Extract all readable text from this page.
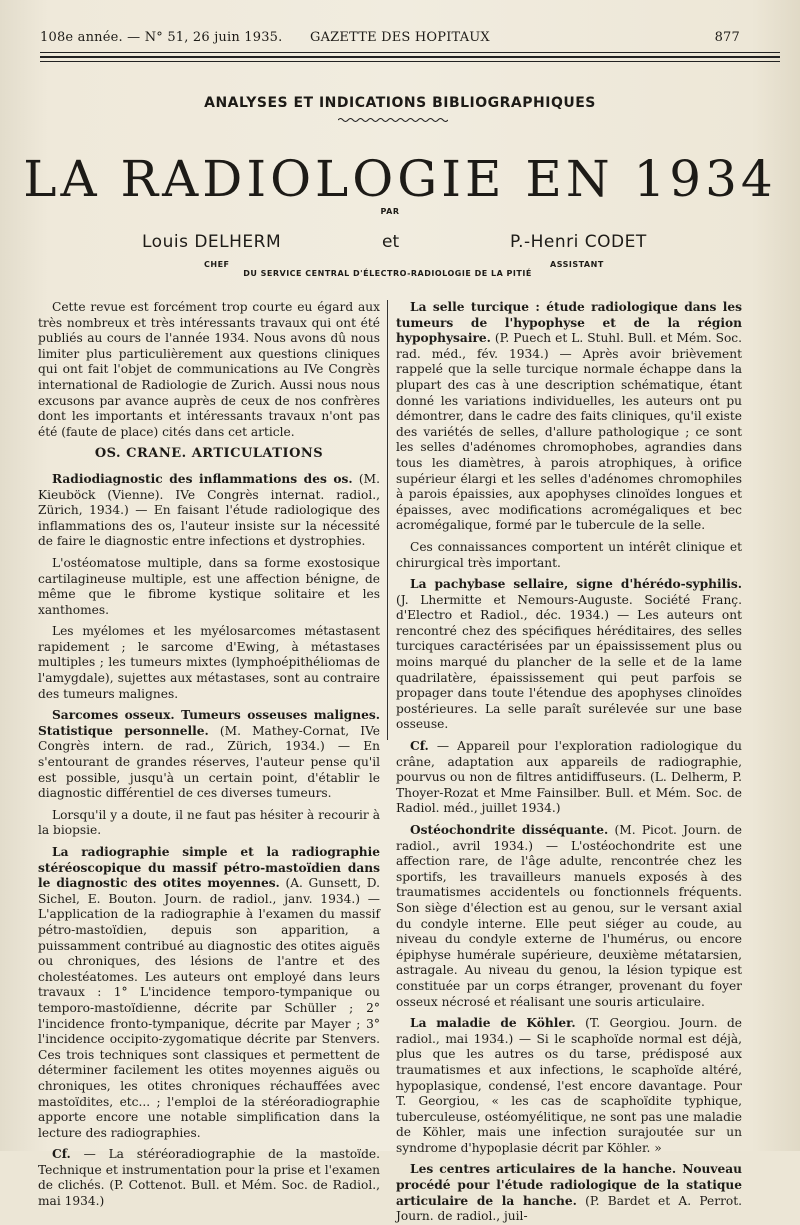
108e année. — N° 51, 26 juin 1935. GAZETTE DES HOPITAUX	877
ANALYSES ET INDICATIONS BIBLIOGRAPHIQUES
LA RADIOLOGIE EN 1934
PAR
Louis DELHERM	et	P.-Henri CODET
CHEF	ASSISTANT
DU SERVICE CENTRAL D'ÉLECTRO-RADIOLOGIE DE LA PITIÉ

Cette revue est forcément trop courte eu égard aux très nombreux et très intéressants travaux qui ont été publiés au cours de l'année 1934. Nous avons dû nous limiter plus particulièrement aux questions cliniques qui ont fait l'objet de communications au IVe Congrès international de Radiologie de Zurich. Aussi nous nous excusons par avance auprès de ceux de nos confrères dont les importants et intéressants travaux n'ont pas été (faute de place) cités dans cet article.

OS. CRANE. ARTICULATIONS

Radiodiagnostic des inflammations des os. (M. Kieuböck (Vienne). IVe Congrès internat. radiol., Zürich, 1934.) — En faisant l'étude radiologique des inflammations des os, l'auteur insiste sur la nécessité de faire le diagnostic entre infections et dystrophies.

L'ostéomatose multiple, dans sa forme exostosique cartilagineuse multiple, est une affection bénigne, de même que le fibrome kystique solitaire et les xanthomes.

Les myélomes et les myélosarcomes métastasent rapidement ; le sarcome d'Ewing, à métastases multiples ; les tumeurs mixtes (lymphoépithéliomas de l'amygdale), sujettes aux métastases, sont au contraire des tumeurs malignes.

Sarcomes osseux. Tumeurs osseuses malignes. Statistique personnelle. (M. Mathey-Cornat, IVe Congrès intern. de rad., Zürich, 1934.) — En s'entourant de grandes réserves, l'auteur pense qu'il est possible, jusqu'à un certain point, d'établir le diagnostic différentiel de ces diverses tumeurs.

Lorsqu'il y a doute, il ne faut pas hésiter à recourir à la biopsie.

La radiographie simple et la radiographie stéréoscopique du massif pétro-mastoïdien dans le diagnostic des otites moyennes. (A. Gunsett, D. Sichel, E. Bouton. Journ. de radiol., janv. 1934.) — L'application de la radiographie à l'examen du massif pétro-mastoïdien, depuis son apparition, a puissamment contribué au diagnostic des otites aiguës ou chroniques, des lésions de l'antre et des cholestéatomes. Les auteurs ont employé dans leurs travaux : 1° L'incidence temporo-tympanique ou temporo-mastoïdienne, décrite par Schüller ; 2° l'incidence fronto-tympanique, décrite par Mayer ; 3° l'incidence occipito-zygomatique décrite par Stenvers. Ces trois techniques sont classiques et permettent de déterminer facilement les otites moyennes aiguës ou chroniques, les otites chroniques réchauffées avec mastoïdites, etc... ; l'emploi de la stéréoradiographie apporte encore une notable simplification dans la lecture des radiographies.

Cf. — La stéréoradiographie de la mastoïde. Technique et instrumentation pour la prise et l'examen de clichés. (P. Cottenot. Bull. et Mém. Soc. de Radiol., mai 1934.)

La selle turcique : étude radiologique dans les tumeurs de l'hypophyse et de la région hypophysaire. (P. Puech et L. Stuhl. Bull. et Mém. Soc. rad. méd., fév. 1934.) — Après avoir brièvement rappelé que la selle turcique normale échappe dans la plupart des cas à une description schématique, étant donné les variations individuelles, les auteurs ont pu démontrer, dans le cadre des faits cliniques, qu'il existe des variétés de selles, d'allure pathologique ; ce sont les selles d'adénomes chromophobes, agrandies dans tous les diamètres, à parois atrophiques, à orifice supérieur élargi et les selles d'adénomes chromophiles à parois épaissies, aux apophyses clinoïdes longues et épaisses, avec modifications acromégaliques et bec acromégalique, formé par le tubercule de la selle.

Ces connaissances comportent un intérêt clinique et chirurgical très important.

La pachybase sellaire, signe d'hérédo-syphilis. (J. Lhermitte et Nemours-Auguste. Société Franç. d'Electro et Radiol., déc. 1934.) — Les auteurs ont rencontré chez des spécifiques héréditaires, des selles turciques caractérisées par un épaississement plus ou moins marqué du plancher de la selle et de la lame quadrilatère, épaississement qui peut parfois se propager dans toute l'étendue des apophyses clinoïdes postérieures. La selle paraît surélevée sur une base osseuse.

Cf. — Appareil pour l'exploration radiologique du crâne, adaptation aux appareils de radiographie, pourvus ou non de filtres antidiffuseurs. (L. Delherm, P. Thoyer-Rozat et Mme Fainsilber. Bull. et Mém. Soc. de Radiol. méd., juillet 1934.)

Ostéochondrite disséquante. (M. Picot. Journ. de radiol., avril 1934.) — L'ostéochondrite est une affection rare, de l'âge adulte, rencontrée chez les sportifs, les travailleurs manuels exposés à des traumatismes accidentels ou fonctionnels fréquents. Son siège d'élection est au genou, sur le versant axial du condyle interne. Elle peut siéger au coude, au niveau du condyle externe de l'humérus, ou encore épiphyse humérale supérieure, deuxième métatarsien, astragale. Au niveau du genou, la lésion typique est constituée par un corps étranger, provenant du foyer osseux nécrosé et réalisant une souris articulaire.

La maladie de Köhler. (T. Georgiou. Journ. de radiol., mai 1934.) — Si le scaphoïde normal est déjà, plus que les autres os du tarse, prédisposé aux traumatismes et aux infections, le scaphoïde altéré, hypoplasique, condensé, l'est encore davantage. Pour T. Georgiou, « les cas de scaphoïdite typhique, tuberculeuse, ostéomyélitique, ne sont pas une maladie de Köhler, mais une infection surajoutée sur un syndrome d'hypoplasie décrit par Köhler. »

Les centres articulaires de la hanche. Nouveau procédé pour l'étude radiologique de la statique articulaire de la hanche. (P. Bardet et A. Perrot. Journ. de radiol., juil-
